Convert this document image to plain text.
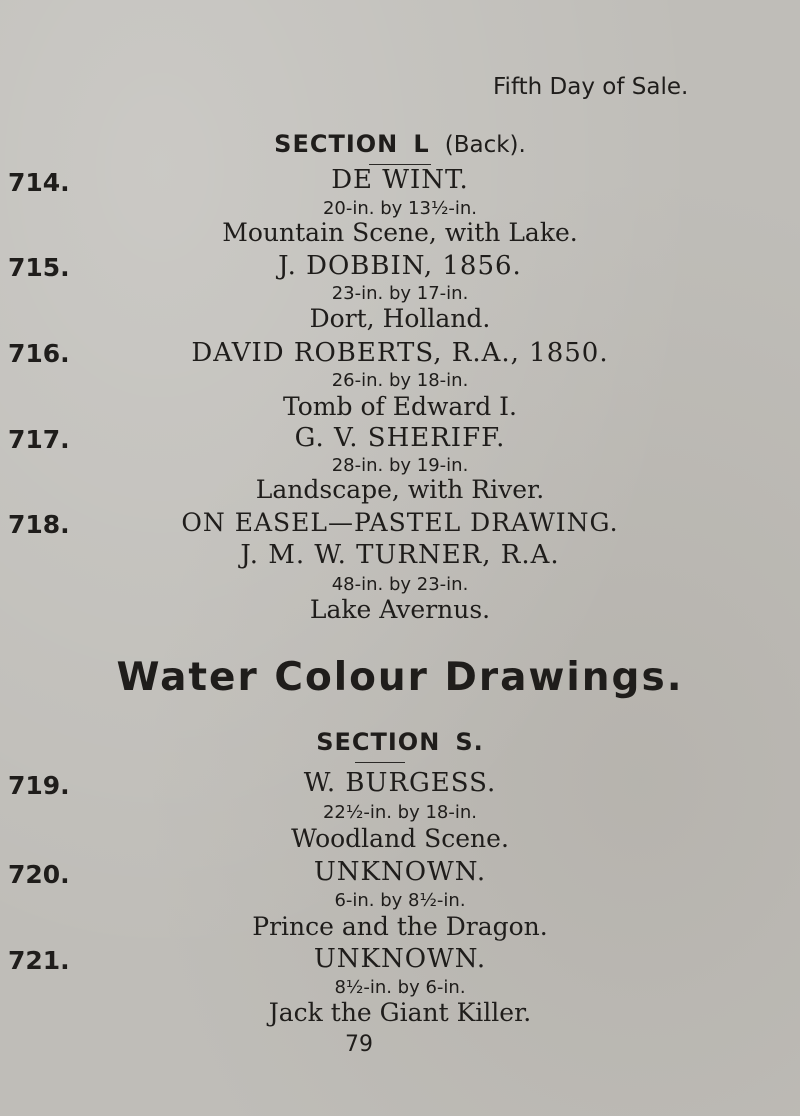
Fifth Day of Sale.
SECTION L (Back).
714.	DE WINT.
20-in. by 13½-in.
Mountain Scene, with Lake.
715.	J. DOBBIN, 1856.
23-in. by 17-in.
Dort, Holland.
716.	DAVID ROBERTS, R.A., 1850.
26-in. by 18-in.
Tomb of Edward I.
717.	G. V. SHERIFF.
28-in. by 19-in.
Landscape, with River.
718.	ON EASEL—PASTEL DRAWING.
J. M. W. TURNER, R.A.
48-in. by 23-in.
Lake Avernus.
Water Colour Drawings.
SECTION S.
719.	W. BURGESS.
22½-in. by 18-in.
Woodland Scene.
720.	UNKNOWN.
6-in. by 8½-in.
Prince and the Dragon.
721.	UNKNOWN.
8½-in. by 6-in.
Jack the Giant Killer.
79
